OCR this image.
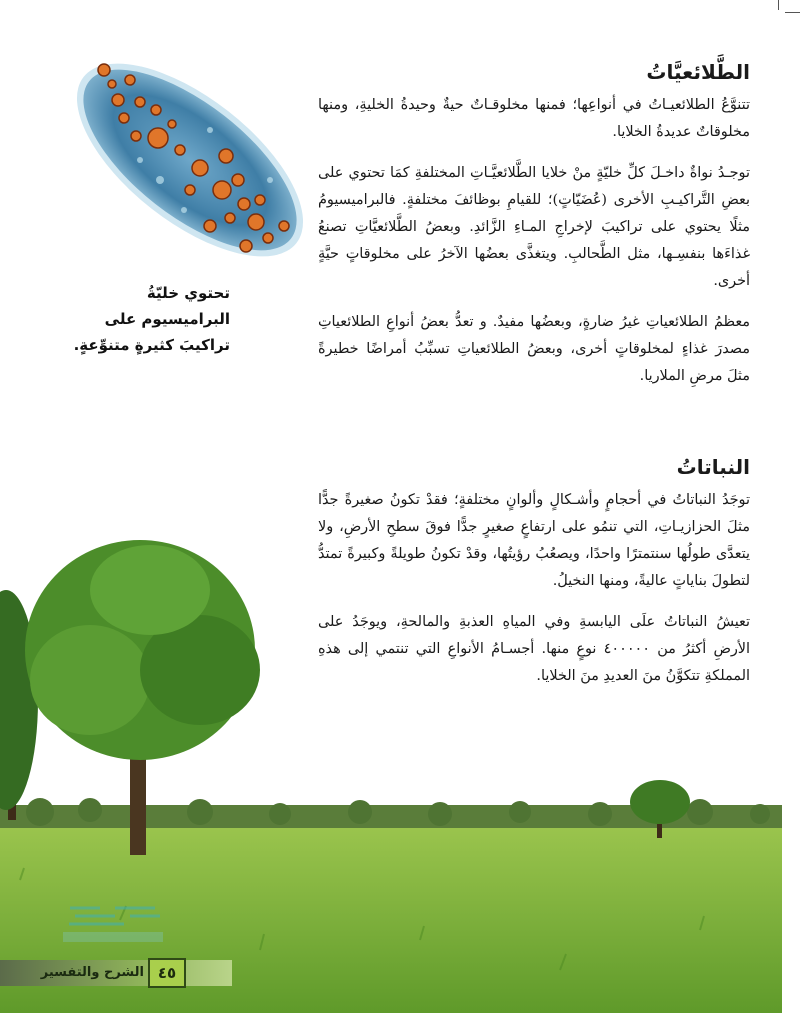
تحتوي خليّةُ البراميسيوم على تراكيبَ كثيرةٍ متنوِّعةٍ.
الطَّلائعيَّاتُ

تتنوَّعُ الطلائعيـاتُ في أنواعِها؛ فمنها مخلوقـاتٌ حيةٌ وحيدةُ الخليةِ، ومنها مخلوقاتٌ عديدةُ الخلايا.

توجـدُ نواةٌ داخـلَ كلِّ خليّةٍ منْ خلايا الطَّلائعيَّـاتِ المختلفةِ كمَا تحتوي على بعضِ التَّراكيـبِ الأخرى (عُضَيّاتٍ)؛ للقيامِ بوظائفَ مختلفةٍ. فالبراميسيومُ مثلًا يحتوي على تراكيبَ لإخراجِ المـاءِ الزَّائدِ. وبعضُ الطَّلائعيَّاتِ تصنعُ غذاءَها بنفسِـها، مثل الطَّحالبِ. ويتغذَّى بعضُها الآخرُ على مخلوقاتٍ حيَّةٍ أخرى.

معظمُ الطلائعياتِ غيرُ ضارةٍ، وبعضُها مفيدٌ. و تعدُّ بعضُ أنواعِ الطلائعياتِ مصدرَ غذاءٍ لمخلوقاتٍ أخرى، وبعضُ الطلائعياتِ تسبِّبُ أمراضًا خطيرةً مثلَ مرضِ الملاريا.

النباتاتُ

توجَدُ النباتاتُ في أحجامٍ وأشـكالٍ وألوانٍ مختلفةٍ؛ فقدْ تكونُ صغيرةً جدًّا مثلَ الحزازيـاتِ، التي تنمُو على ارتفاعٍ صغيرٍ جدًّا فوقَ سطحِ الأرضِ، ولا يتعدَّى طولُها سنتمترًا واحدًا، ويصعُبُ رؤيتُها، وقدْ تكونُ طويلةً وكبيرةً تمتدُّ لتطولَ بناياتٍ عاليةً، ومنها النخيلُ.

تعيشُ النباتاتُ علَى اليابسةِ وفي المياهِ العذبةِ والمالحةِ، ويوجَدُ على الأرضِ أكثرُ من ٤٠٠٠٠٠ نوعٍ منها. أجسـامُ الأنواعِ التي تنتمي إلى هذهِ المملكةِ تتكوَّنُ منَ العديدِ منَ الخلايا.

٤٥
الشرح والتفسير
